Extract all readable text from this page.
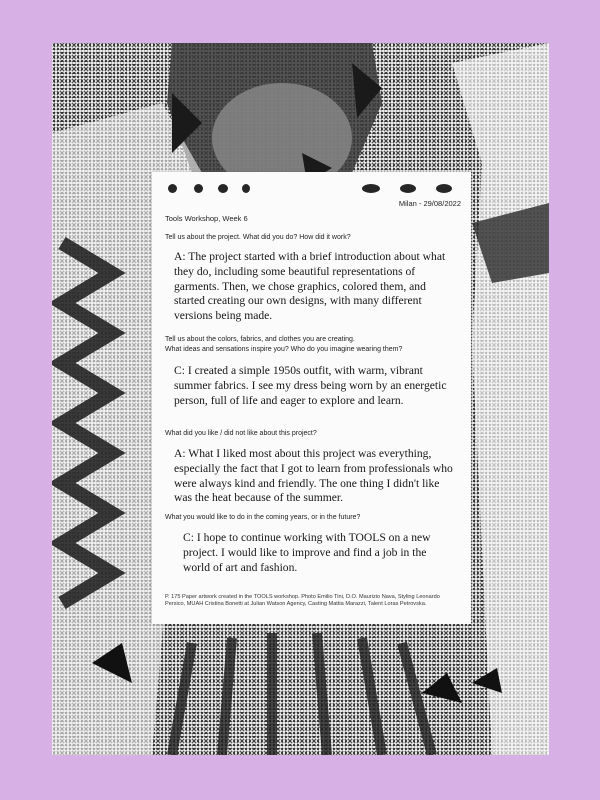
Milan - 29/08/2022
Tools Workshop, Week 6
Tell us about the project. What did you do? How did it work?
A: The project started with a brief introduction about what they do, including some beautiful representations of garments. Then, we chose graphics, colored them, and started creating our own designs, with many different versions being made.
Tell us about the colors, fabrics, and clothes you are creating.
What ideas and sensations inspire you? Who do you imagine wearing them?
C: I created a simple 1950s outfit, with warm, vibrant summer fabrics. I see my dress being worn by an energetic person, full of life and eager to explore and learn.
What did you like / did not like about this project?
A: What I liked most about this project was everything, especially the fact that I got to learn from professionals who were always kind and friendly. The one thing I didn't like was the heat because of the summer.
What you would like to do in the coming years, or in the future?
C: I hope to continue working with TOOLS on a new project. I would like to improve and find a job in the world of art and fashion.
P. 175 Paper artwork created in the TOOLS workshop. Photo Emilio Tini, D.O. Maurizio Nava, Styling Leonardo Persico, MUAH Cristina Bonetti at Julian Watson Agency, Casting Mattia Marazzi, Talent Loras Petrovska.
